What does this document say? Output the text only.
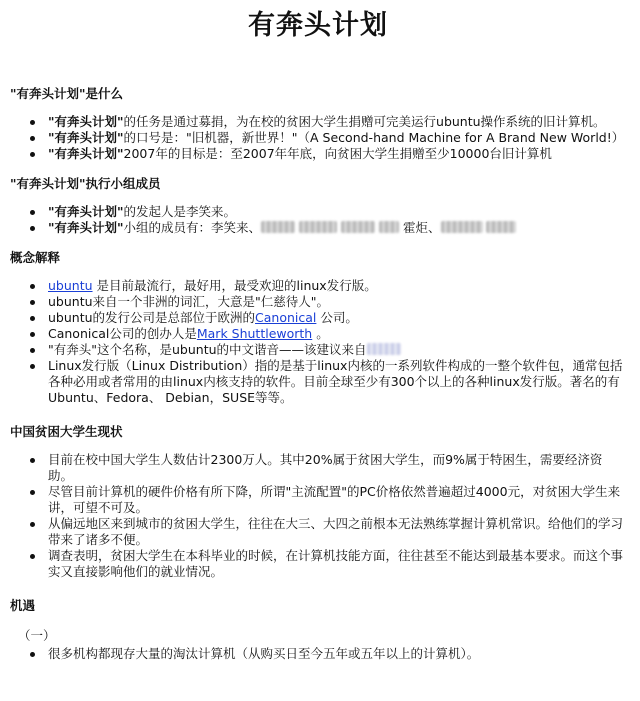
有奔头计划
"有奔头计划"是什么
"有奔头计划"的任务是通过募捐，为在校的贫困大学生捐赠可完美运行ubuntu操作系统的旧计算机。
"有奔头计划"的口号是："旧机器，新世界！"（A Second-hand Machine for A Brand New World!）
"有奔头计划"2007年的目标是：至2007年年底，向贫困大学生捐赠至少10000台旧计算机
"有奔头计划"执行小组成员
"有奔头计划"的发起人是李笑来。
"有奔头计划"小组的成员有：李笑来、	霍炬、
概念解释
ubuntu 是目前最流行，最好用，最受欢迎的linux发行版。
ubuntu来自一个非洲的词汇，大意是"仁慈待人"。
ubuntu的发行公司是总部位于欧洲的Canonical 公司。
Canonical公司的创办人是Mark Shuttleworth 。
"有奔头"这个名称，是ubuntu的中文谐音——该建议来自
Linux发行版（Linux Distribution）指的是基于linux内核的一系列软件构成的一整个软件包，通常包括各种必用或者常用的由linux内核支持的软件。目前全球至少有300个以上的各种linux发行版。著名的有 Ubuntu、Fedora、 Debian，SUSE等等。
中国贫困大学生现状
目前在校中国大学生人数估计2300万人。其中20%属于贫困大学生，而9%属于特困生，需要经济资助。
尽管目前计算机的硬件价格有所下降，所谓"主流配置"的PC价格依然普遍超过4000元，对贫困大学生来讲，可望不可及。
从偏远地区来到城市的贫困大学生，往往在大三、大四之前根本无法熟练掌握计算机常识。给他们的学习带来了诸多不便。
调查表明，贫困大学生在本科毕业的时候，在计算机技能方面，往往甚至不能达到最基本要求。而这个事实又直接影响他们的就业情况。
机遇

（一）

很多机构都现存大量的淘汰计算机（从购买日至今五年或五年以上的计算机）。
